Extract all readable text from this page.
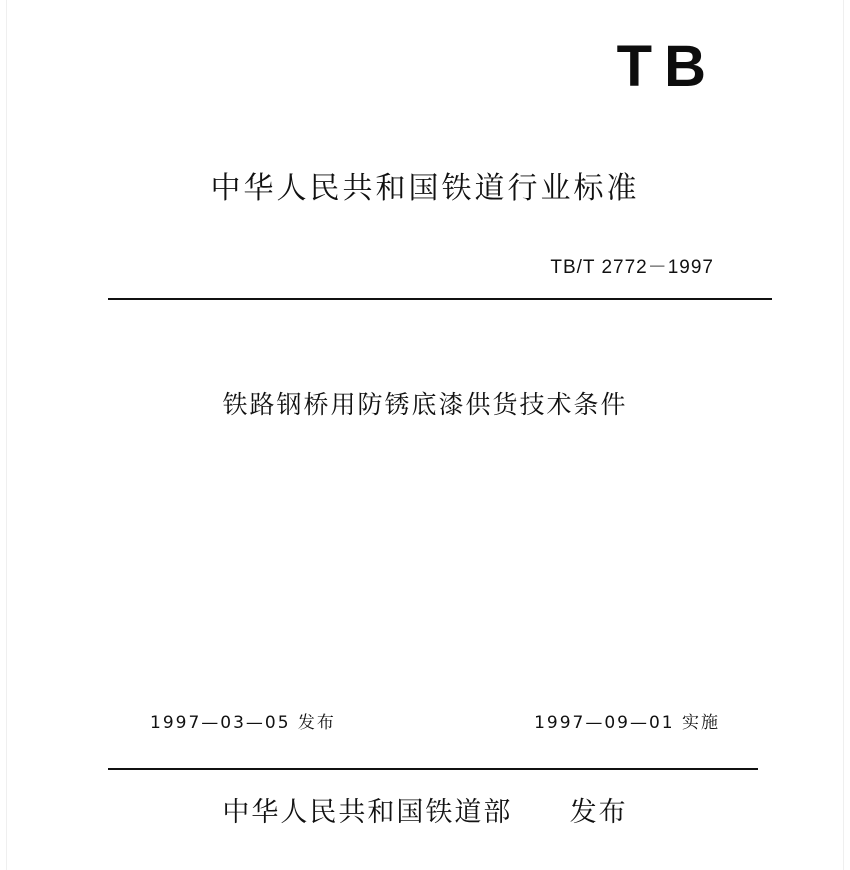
TB
中华人民共和国铁道行业标准
TB/T 2772－1997
铁路钢桥用防锈底漆供货技术条件
1997—03—05 发布	1997—09—01 实施
中华人民共和国铁道部 发布
